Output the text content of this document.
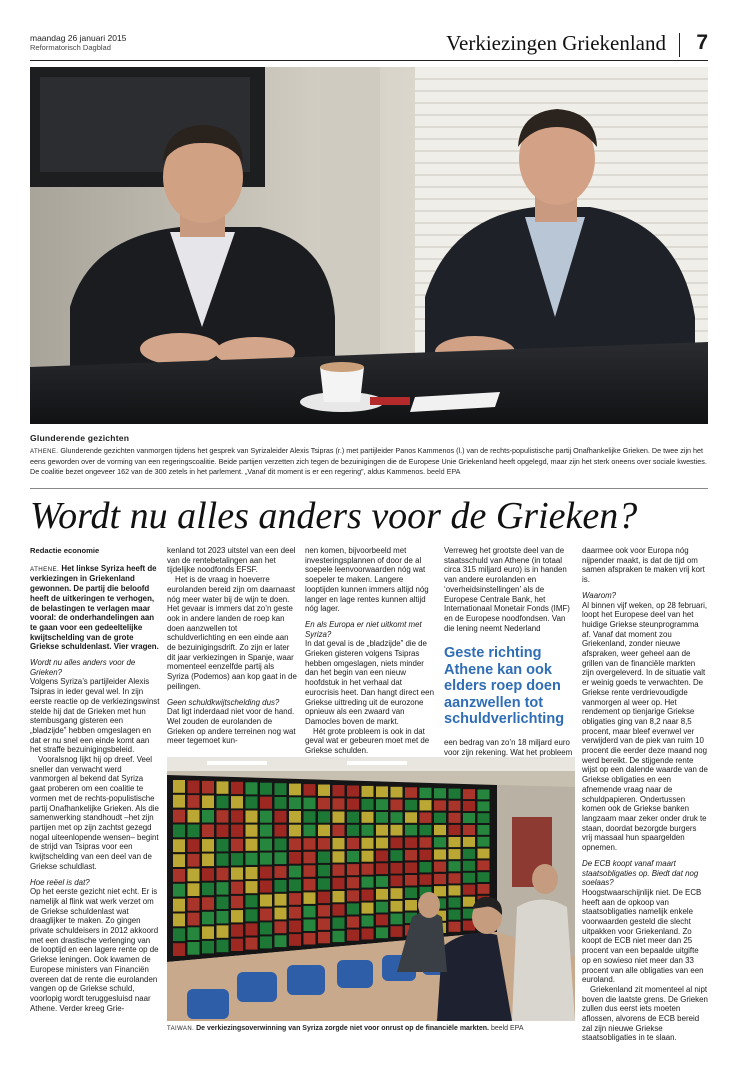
maandag 26 januari 2015
Reformatorisch Dagblad	Verkiezingen Griekenland 7
Glunderende gezichten
ATHENE. Glunderende gezichten vanmorgen tijdens het gesprek van Syrizaleider Alexis Tsipras (r.) met partijleider Panos Kammenos (l.) van de rechts-populistische partij Onafhankelijke Grieken. De twee zijn het eens geworden over de vorming van een regeringscoalitie. Beide partijen verzetten zich tegen de bezuinigingen die de Europese Unie Griekenland heeft opgelegd, maar zijn het sterk oneens over sociale kwesties. De coalitie bezet ongeveer 162 van de 300 zetels in het parlement. „Vanaf dit moment is er een regering”, aldus Kammenos. beeld EPA
Wordt nu alles anders voor de Grieken?

Redactie economie

ATHENE. Het linkse Syriza heeft de verkiezingen in Griekenland gewonnen. De partij die beloofd heeft de uitkeringen te verhogen, de belastingen te verlagen maar vooral: de onderhandelingen aan te gaan voor een gedeeltelijke kwijtschelding van de grote Griekse schuldenlast. Vier vragen.

Wordt nu alles anders voor de Grieken?

Volgens Syriza’s partijleider Alexis Tsipras in ieder geval wel. In zijn eerste reactie op de verkiezingswinst stelde hij dat de Grieken met hun stembusgang gisteren een „bladzijde” hebben omgeslagen en dat er nu snel een einde komt aan het straffe bezuinigingsbeleid.

Vooralsnog lijkt hij op dreef. Veel sneller dan verwacht werd vanmorgen al bekend dat Syriza gaat proberen om een coalitie te vormen met de rechts-populistische partij Onafhankelijke Grieken. Als die samenwerking standhoudt –het zijn partijen met op zijn zachtst gezegd nogal uiteenlopende wensen– begint de strijd van Tsipras voor een kwijtschelding van een deel van de Griekse schuldlast.

Hoe reëel is dat?

Op het eerste gezicht niet echt. Er is namelijk al flink wat werk verzet om de Griekse schuldenlast wat draaglijker te maken. Zo gingen private schuldeisers in 2012 akkoord met een drastische verlenging van de looptijd en een lagere rente op de Griekse leningen. Ook kwamen de Europese ministers van Financiën overeen dat de rente die eurolanden vangen op de Griekse schuld, voorlopig wordt teruggesluisd naar Athene. Verder kreeg Grie-

kenland tot 2023 uitstel van een deel van de rentebetalingen aan het tijdelijke noodfonds EFSF.

Het is de vraag in hoeverre eurolanden bereid zijn om daarnaast nóg meer water bij de wijn te doen. Het gevaar is immers dat zo’n geste ook in andere landen de roep kan doen aanzwellen tot schuldverlichting en een einde aan de bezuinigingsdrift. Zo zijn er later dit jaar verkiezingen in Spanje, waar momenteel eenzelfde partij als Syriza (Podemos) aan kop gaat in de peilingen.

Geen schuldkwijtschelding dus?

Dat ligt inderdaad niet voor de hand. Wel zouden de eurolanden de Grieken op andere terreinen nog wat meer tegemoet kun-

nen komen, bijvoorbeeld met investeringsplannen of door de al soepele leenvoorwaarden nóg wat soepeler te maken. Langere looptijden kunnen immers altijd nóg langer en lage rentes kunnen altijd nóg lager.

En als Europa er niet uitkomt met Syriza?

In dat geval is de „bladzijde” die de Grieken gisteren volgens Tsipras hebben omgeslagen, niets minder dan het begin van een nieuw hoofdstuk in het verhaal dat eurocrisis heet. Dan hangt direct een Griekse uittreding uit de eurozone opnieuw als een zwaard van Damocles boven de markt.

Hét grote probleem is ook in dat geval wat er gebeuren moet met de Griekse schulden.

Verreweg het grootste deel van de staatsschuld van Athene (in totaal circa 315 miljard euro) is in handen van andere eurolanden en ‘overheidsinstellingen’ als de Europese Centrale Bank, het Internationaal Monetair Fonds (IMF) en de Europese noodfondsen. Van die lening neemt Nederland

Geste richting Athene kan ook elders roep doen aanzwellen tot schuldverlichting

een bedrag van zo’n 18 miljard euro voor zijn rekening. Wat het probleem

daarmee ook voor Europa nóg nijpender maakt, is dat de tijd om samen afspraken te maken vrij kort is.

Waarom?

Al binnen vijf weken, op 28 februari, loopt het Europese deel van het huidige Griekse steunprogramma af. Vanaf dat moment zou Griekenland, zonder nieuwe afspraken, weer geheel aan de grillen van de financiële markten zijn overgeleverd. In de situatie valt er weinig goeds te verwachten. De Griekse rente verdrievoudigde vanmorgen al weer op. Het rendement op tienjarige Griekse obligaties ging van 8,2 naar 8,5 procent, maar bleef evenwel ver verwijderd van de piek van ruim 10 procent die eerder deze maand nog werd bereikt. De stijgende rente wijst op een dalende waarde van de Griekse obligaties en een afnemende vraag naar de schuldpapieren. Ondertussen komen ook de Griekse banken langzaam maar zeker onder druk te staan, doordat bezorgde burgers vrij massaal hun spaargelden opnemen.

De ECB koopt vanaf maart staatsobligaties op. Biedt dat nog soelaas?

Hoogstwaarschijnlijk niet. De ECB heeft aan de opkoop van staatsobligaties namelijk enkele voorwaarden gesteld die slecht uitpakken voor Griekenland. Zo koopt de ECB niet meer dan 25 procent van een bepaalde uitgifte op en sowieso niet meer dan 33 procent van alle obligaties van een euroland.

Griekenland zit momenteel al nipt boven die laatste grens. De Grieken zullen dus eerst iets moeten aflossen, alvorens de ECB bereid zal zijn nieuwe Griekse staatsobligaties in te slaan.

TAIWAN. De verkiezingsoverwinning van Syriza zorgde niet voor onrust op de financiële markten. beeld EPA
